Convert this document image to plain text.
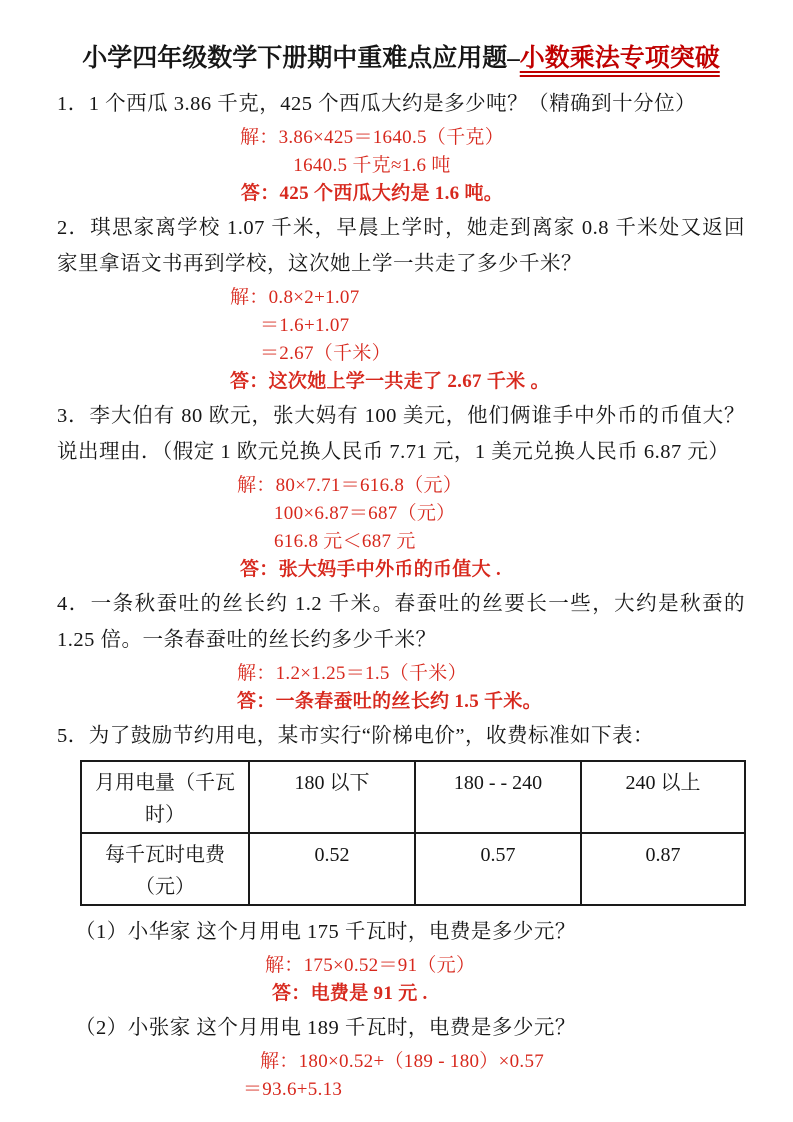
小学四年级数学下册期中重难点应用题–小数乘法专项突破
1．1 个西瓜 3.86 千克，425 个西瓜大约是多少吨？（精确到十分位）
解：3.86×425＝1640.5（千克）
1640.5 千克≈1.6 吨
答：425 个西瓜大约是 1.6 吨。
2．琪思家离学校 1.07 千米，早晨上学时，她走到离家 0.8 千米处又返回
家里拿语文书再到学校，这次她上学一共走了多少千米？
解：0.8×2+1.07
＝1.6+1.07
＝2.67（千米）
答：这次她上学一共走了 2.67 千米 。
3．李大伯有 80 欧元，张大妈有 100 美元，他们俩谁手中外币的币值大？
说出理由．（假定 1 欧元兑换人民币 7.71 元，1 美元兑换人民币 6.87 元）
解：80×7.71＝616.8（元）
100×6.87＝687（元）
616.8 元＜687 元
答：张大妈手中外币的币值大 .
4．一条秋蚕吐的丝长约 1.2 千米。春蚕吐的丝要长一些，大约是秋蚕的
1.25 倍。一条春蚕吐的丝长约多少千米？
解：1.2×1.25＝1.5（千米）
答：一条春蚕吐的丝长约 1.5 千米。
5．为了鼓励节约用电，某市实行“阶梯电价”，收费标准如下表：
月用电量（千瓦时）	180 以下	180 - - 240	240 以上
每千瓦时电费（元）	0.52	0.57	0.87
（1）小华家 这个月用电 175 千瓦时，电费是多少元？
解：175×0.52＝91（元）
答：电费是 91 元 .
（2）小张家 这个月用电 189 千瓦时，电费是多少元？
解：180×0.52+（189 - 180）×0.57
＝93.6+5.13
